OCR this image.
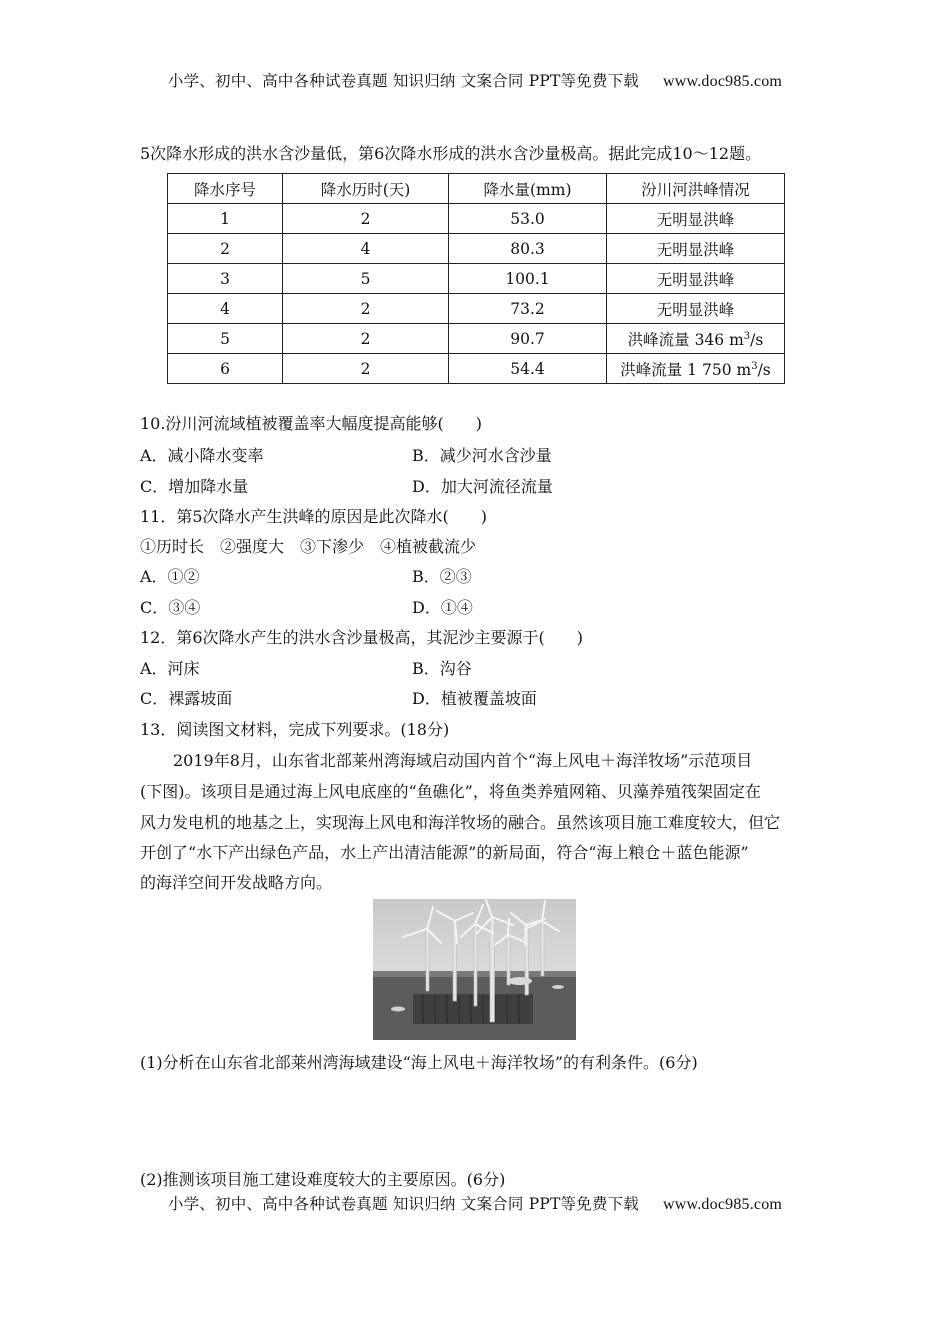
小学、初中、高中各种试卷真题 知识归纳 文案合同 PPT等免费下载 www.doc985.com
5次降水形成的洪水含沙量低，第6次降水形成的洪水含沙量极高。据此完成10～12题。
降水序号	降水历时(天)	降水量(mm)	汾川河洪峰情况
1	2	53.0	无明显洪峰
2	4	80.3	无明显洪峰
3	5	100.1	无明显洪峰
4	2	73.2	无明显洪峰
5	2	90.7	洪峰流量 346 $m^3/s$
6	2	54.4	洪峰流量 1 750 $m^3/s$
10.汾川河流域植被覆盖率大幅度提高能够(　　)
A．减小降水变率	B．减少河水含沙量
C．增加降水量	D．加大河流径流量
11．第5次降水产生洪峰的原因是此次降水(　　)
①历时长　②强度大　③下渗少　④植被截流少
A．①②	B．②③
C．③④	D．①④
12．第6次降水产生的洪水含沙量极高，其泥沙主要源于(　　)
A．河床	B．沟谷
C．裸露坡面	D．植被覆盖坡面
13．阅读图文材料，完成下列要求。(18分)
2019年8月，山东省北部莱州湾海域启动国内首个“海上风电＋海洋牧场”示范项目
(下图)。该项目是通过海上风电底座的“鱼礁化”，将鱼类养殖网箱、贝藻养殖筏架固定在
风力发电机的地基之上，实现海上风电和海洋牧场的融合。虽然该项目施工难度较大，但它
开创了“水下产出绿色产品，水上产出清洁能源”的新局面，符合“海上粮仓＋蓝色能源”
的海洋空间开发战略方向。
(1)分析在山东省北部莱州湾海域建设“海上风电＋海洋牧场”的有利条件。(6分)
(2)推测该项目施工建设难度较大的主要原因。(6分)
小学、初中、高中各种试卷真题 知识归纳 文案合同 PPT等免费下载 www.doc985.com
